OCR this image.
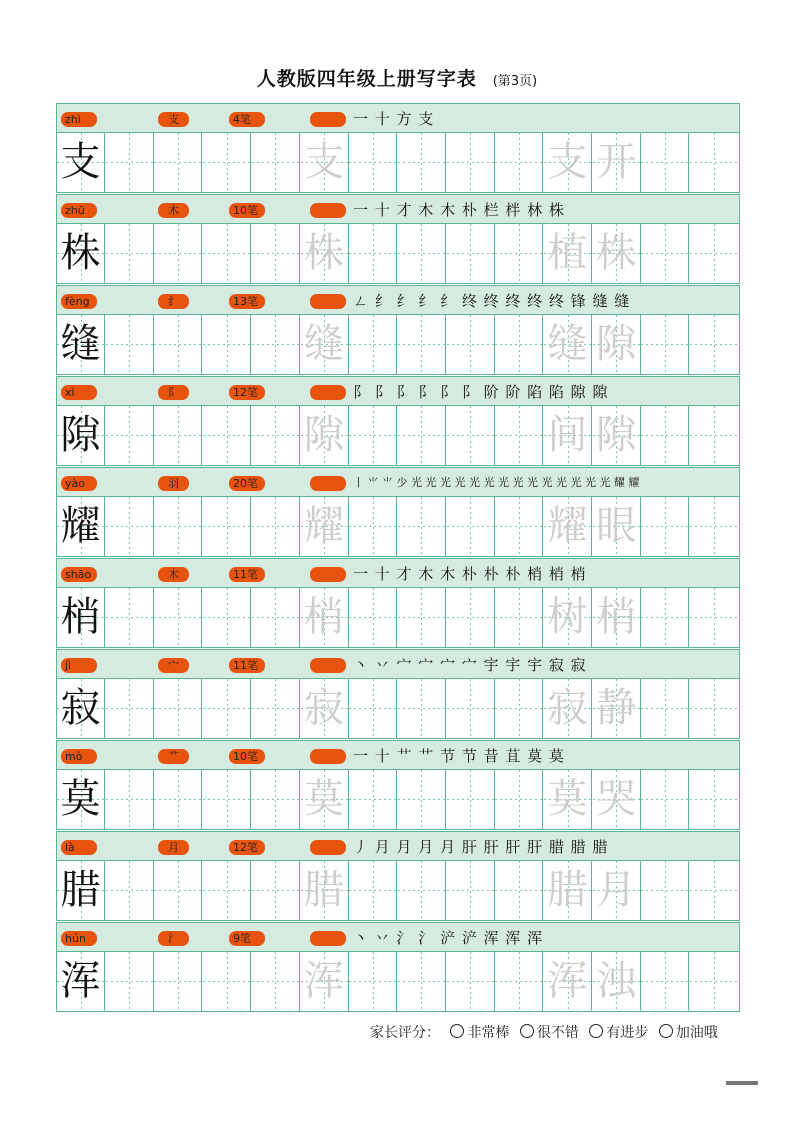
人教版四年级上册写字表 (第3页)
zhì	支	4笔	一 十 方 支
支	支	支 开
zhū	木	10笔	一 十 才 木 木 朴 栏 柈 林 株
株	株	植 株
fèng	纟	13笔	ㄥ 纟 纟 纟 纟 终 终 终 终 终 锋 缝 缝
缝	缝	缝 隙
xì	阝	12笔	阝 阝 阝 阝 阝 阝 阶 阶 陷 陷 隙 隙
隙	隙	间 隙
yào	羽	20笔	丨 ⺌ ⺌ 少 光 光 光 光 光 光 光 光 光 光 光 光 光 光 耀 耀
耀	耀	耀 眼
shāo	木	11笔	一 十 才 木 木 朴 朴 朴 梢 梢 梢
梢	梢	树 梢
jì	宀	11笔	丶 丷 宀 宀 宀 宀 宇 宇 宇 寂 寂
寂	寂	寂 静
mò	艹	10笔	一 十 艹 艹 节 节 昔 苴 莫 莫
莫	莫	莫 哭
là	月	12笔	丿 月 月 月 月 肝 肝 肝 肝 腊 腊 腊
腊	腊	腊 月
hún	氵	9笔	丶 丷 氵 氵 浐 浐 浑 浑 浑
浑	浑	浑 浊
家长评分： 非常棒 很不错 有进步 加油哦
